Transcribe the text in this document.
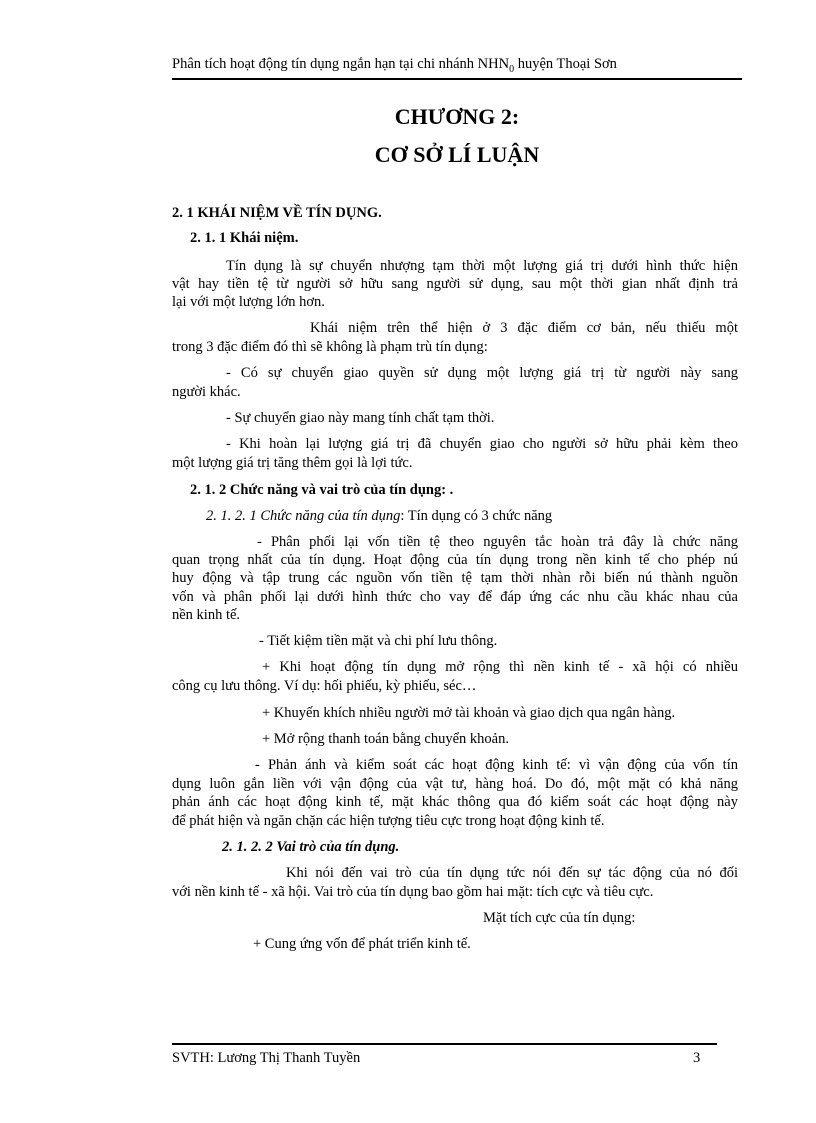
Phân tích hoạt động tín dụng ngắn hạn tại chi nhánh $NHN_0$ huyện Thoại Sơn
CHƯƠNG 2:
CƠ SỞ LÍ LUẬN
2. 1 KHÁI NIỆM VỀ TÍN DỤNG.
2. 1. 1 Khái niệm.
Tín dụng là sự chuyển nhượng tạm thời một lượng giá trị dưới hình thức hiện
vật hay tiền tệ từ người sở hữu sang người sử dụng, sau một thời gian nhất định trả
lại với một lượng lớn hơn.
Khái niệm trên thể hiện ở 3 đặc điểm cơ bản, nếu thiếu một
trong 3 đặc điểm đó thì sẽ không là phạm trù tín dụng:
- Có sự chuyển giao quyền sử dụng một lượng giá trị từ người này sang
người khác.
- Sự chuyển giao này mang tính chất tạm thời.
- Khi hoàn lại lượng giá trị đã chuyển giao cho người sở hữu phải kèm theo
một lượng giá trị tăng thêm gọi là lợi tức.
2. 1. 2 Chức năng và vai trò của tín dụng: .
2. 1. 2. 1 Chức năng của tín dụng: Tín dụng có 3 chức năng
- Phân phối lại vốn tiền tệ theo nguyên tắc hoàn trả đây là chức năng
quan trọng nhất của tín dụng. Hoạt động của tín dụng trong nền kinh tế cho phép nú
huy động và tập trung các nguồn vốn tiền tệ tạm thời nhàn rỗi biến nú thành nguồn
vốn và phân phối lại dưới hình thức cho vay để đáp ứng các nhu cầu khác nhau của
nền kinh tế.
- Tiết kiệm tiền mặt và chi phí lưu thông.
+ Khi hoạt động tín dụng mở rộng thì nền kinh tế - xã hội có nhiều
công cụ lưu thông. Ví dụ: hối phiếu, kỳ phiếu, séc…
+ Khuyến khích nhiều người mở tài khoản và giao dịch qua ngân hàng.
+ Mở rộng thanh toán bằng chuyển khoản.
- Phản ánh và kiểm soát các hoạt động kinh tế: vì vận động của vốn tín
dụng luôn gắn liền với vận động của vật tư, hàng hoá. Do đó, một mặt có khả năng
phản ánh các hoạt động kinh tế, mặt khác thông qua đó kiểm soát các hoạt động này
để phát hiện và ngăn chặn các hiện tượng tiêu cực trong hoạt động kinh tế.
2. 1. 2. 2 Vai trò của tín dụng.
Khi nói đến vai trò của tín dụng tức nói đến sự tác động của nó đối
với nền kinh tế - xã hội. Vai trò của tín dụng bao gồm hai mặt: tích cực và tiêu cực.
Mặt tích cực của tín dụng:
+ Cung ứng vốn để phát triển kinh tế.
SVTH: Lương Thị Thanh Tuyền	3
